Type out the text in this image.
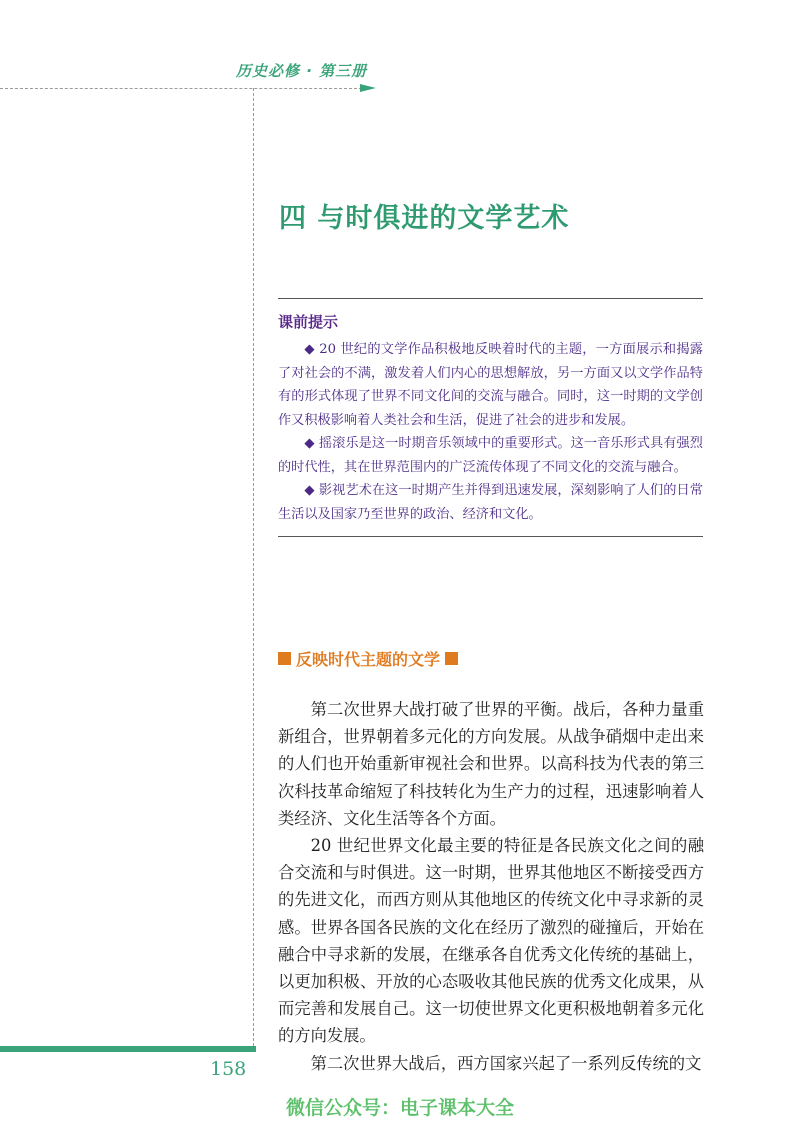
历史必修 · 第三册
四 与时俱进的文学艺术
课前提示

◆ 20 世纪的文学作品积极地反映着时代的主题，一方面展示和揭露了对社会的不满，激发着人们内心的思想解放，另一方面又以文学作品特有的形式体现了世界不同文化间的交流与融合。同时，这一时期的文学创作又积极影响着人类社会和生活，促进了社会的进步和发展。

◆ 摇滚乐是这一时期音乐领域中的重要形式。这一音乐形式具有强烈的时代性，其在世界范围内的广泛流传体现了不同文化的交流与融合。

◆ 影视艺术在这一时期产生并得到迅速发展，深刻影响了人们的日常生活以及国家乃至世界的政治、经济和文化。

反映时代主题的文学

第二次世界大战打破了世界的平衡。战后，各种力量重新组合，世界朝着多元化的方向发展。从战争硝烟中走出来的人们也开始重新审视社会和世界。以高科技为代表的第三次科技革命缩短了科技转化为生产力的过程，迅速影响着人类经济、文化生活等各个方面。

20 世纪世界文化最主要的特征是各民族文化之间的融合交流和与时俱进。这一时期，世界其他地区不断接受西方的先进文化，而西方则从其他地区的传统文化中寻求新的灵感。世界各国各民族的文化在经历了激烈的碰撞后，开始在融合中寻求新的发展，在继承各自优秀文化传统的基础上，以更加积极、开放的心态吸收其他民族的优秀文化成果，从而完善和发展自己。这一切使世界文化更积极地朝着多元化的方向发展。

第二次世界大战后，西方国家兴起了一系列反传统的文

158
微信公众号：电子课本大全
